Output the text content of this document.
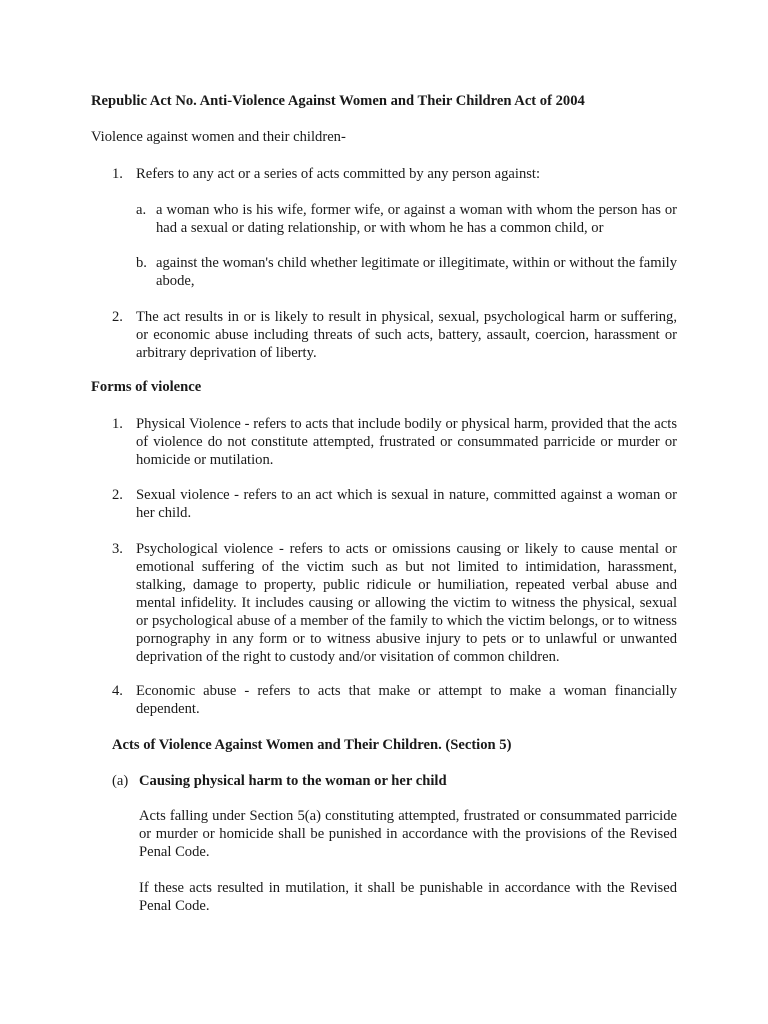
Republic Act No. Anti-Violence Against Women and Their Children Act of 2004
Violence against women and their children-
1. Refers to any act or a series of acts committed by any person against:
a. a woman who is his wife, former wife, or against a woman with whom the person has or had a sexual or dating relationship, or with whom he has a common child, or
b. against the woman's child whether legitimate or illegitimate, within or without the family abode,
2. The act results in or is likely to result in physical, sexual, psychological harm or suffering, or economic abuse including threats of such acts, battery, assault, coercion, harassment or arbitrary deprivation of liberty.
Forms of violence
1. Physical Violence - refers to acts that include bodily or physical harm, provided that the acts of violence do not constitute attempted, frustrated or consummated parricide or murder or homicide or mutilation.
2. Sexual violence - refers to an act which is sexual in nature, committed against a woman or her child.
3. Psychological violence - refers to acts or omissions causing or likely to cause mental or emotional suffering of the victim such as but not limited to intimidation, harassment, stalking, damage to property, public ridicule or humiliation, repeated verbal abuse and mental infidelity. It includes causing or allowing the victim to witness the physical, sexual or psychological abuse of a member of the family to which the victim belongs, or to witness pornography in any form or to witness abusive injury to pets or to unlawful or unwanted deprivation of the right to custody and/or visitation of common children.
4. Economic abuse - refers to acts that make or attempt to make a woman financially dependent.
Acts of Violence Against Women and Their Children. (Section 5)
(a) Causing physical harm to the woman or her child
Acts falling under Section 5(a) constituting attempted, frustrated or consummated parricide or murder or homicide shall be punished in accordance with the provisions of the Revised Penal Code.
If these acts resulted in mutilation, it shall be punishable in accordance with the Revised Penal Code.
